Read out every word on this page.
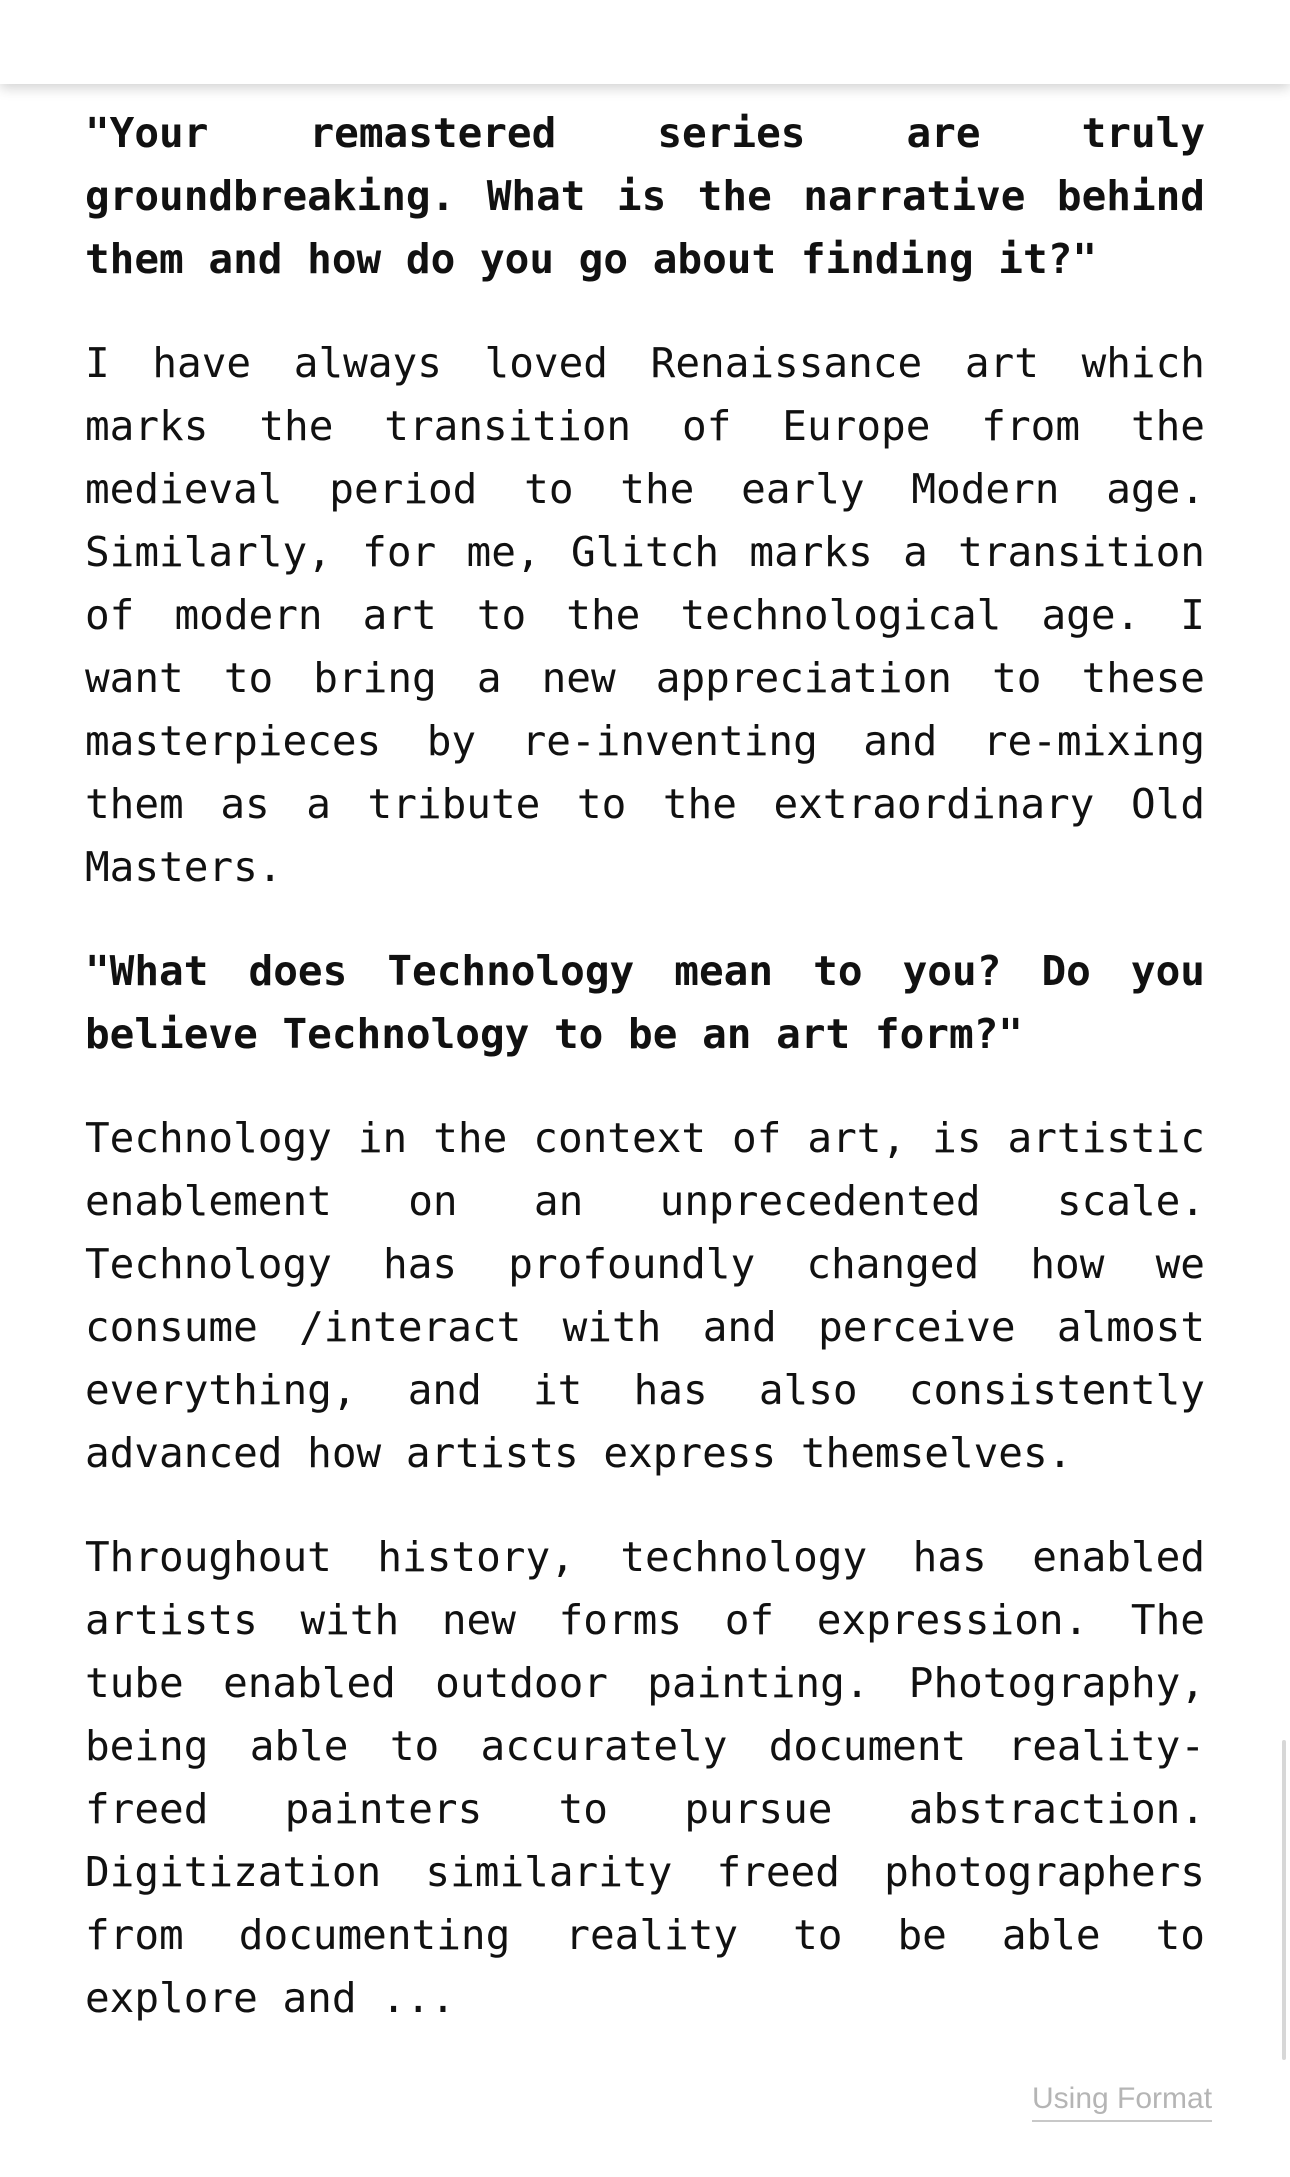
"Your remastered series are truly groundbreaking. What is the narrative behind them and how do you go about finding it?"

I have always loved Renaissance art which marks the transition of Europe from the medieval period to the early Modern age. Similarly, for me, Glitch marks a transition of modern art to the technological age. I want to bring a new appreciation to these masterpieces by re-inventing and re-mixing them as a tribute to the extraordinary Old Masters.

"What does Technology mean to you? Do you believe Technology to be an art form?"

Technology in the context of art, is artistic enablement on an unprecedented scale. Technology has profoundly changed how we consume /interact with and perceive almost everything, and it has also consistently advanced how artists express themselves.

Throughout history, technology has enabled artists with new forms of expression. The tube enabled outdoor painting. Photography, being able to accurately document reality- freed painters to pursue abstraction. Digitization similarity freed photographers from documenting reality to be able to explore and ...

Using Format
